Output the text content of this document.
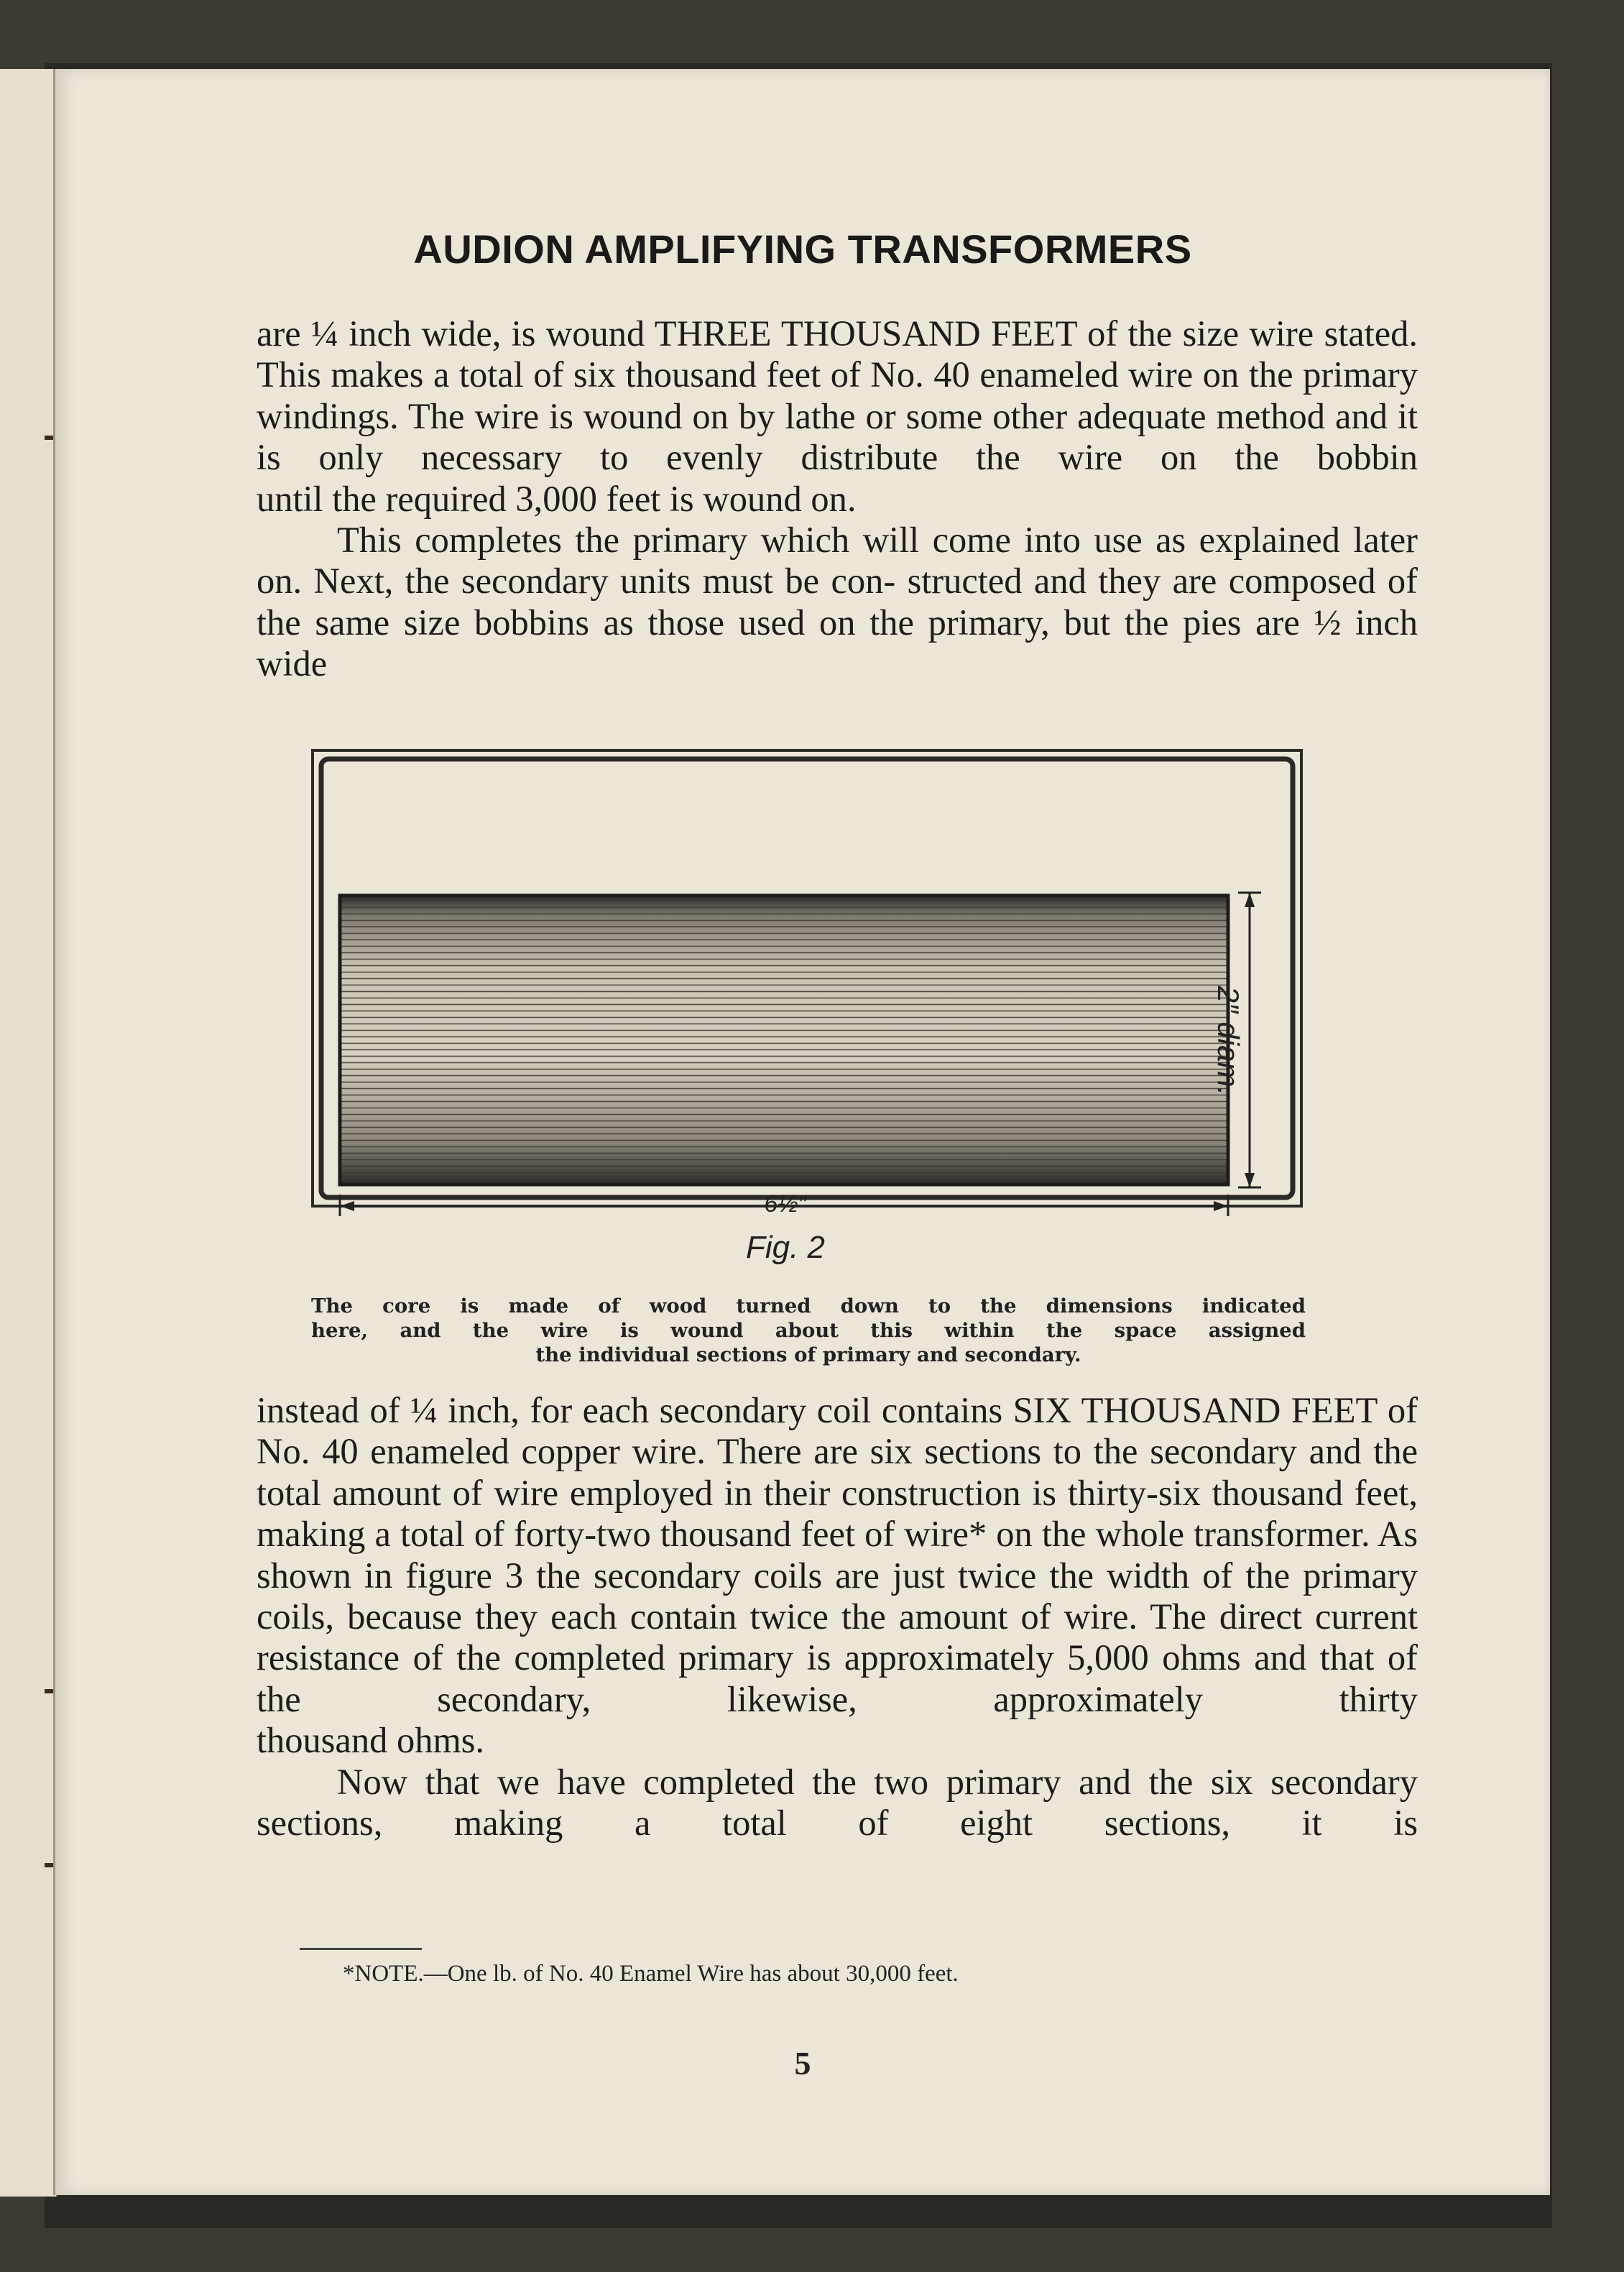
AUDION AMPLIFYING TRANSFORMERS

are ¼ inch wide, is wound THREE THOUSAND FEET of the size wire stated. This makes a total of six thousand feet of No. 40 enameled wire on the primary windings. The wire is wound on by lathe or some other adequate method and it is only necessary to evenly distribute the wire on the bobbin

until the required 3,000 feet is wound on.

This completes the primary which will come into use as explained later on. Next, the secondary units must be con- structed and they are composed of the same size bobbins as those used on the primary, but the pies are ½ inch wide

2″ diam.
6½″
Fig. 2
The core is made of wood turned down to the dimensions indicated
here, and the wire is wound about this within the space assigned
the individual sections of primary and secondary.

instead of ¼ inch, for each secondary coil contains SIX THOUSAND FEET of No. 40 enameled copper wire. There are six sections to the secondary and the total amount of wire employed in their construction is thirty-six thousand feet, making a total of forty-two thousand feet of wire* on the whole transformer. As shown in figure 3 the secondary coils are just twice the width of the primary coils, because they each contain twice the amount of wire. The direct current resistance of the completed primary is approximately 5,000 ohms and that of the secondary, likewise, approximately thirty

thousand ohms.

Now that we have completed the two primary and the six secondary sections, making a total of eight sections, it is

*NOTE.—One lb. of No. 40 Enamel Wire has about 30,000 feet.
5
